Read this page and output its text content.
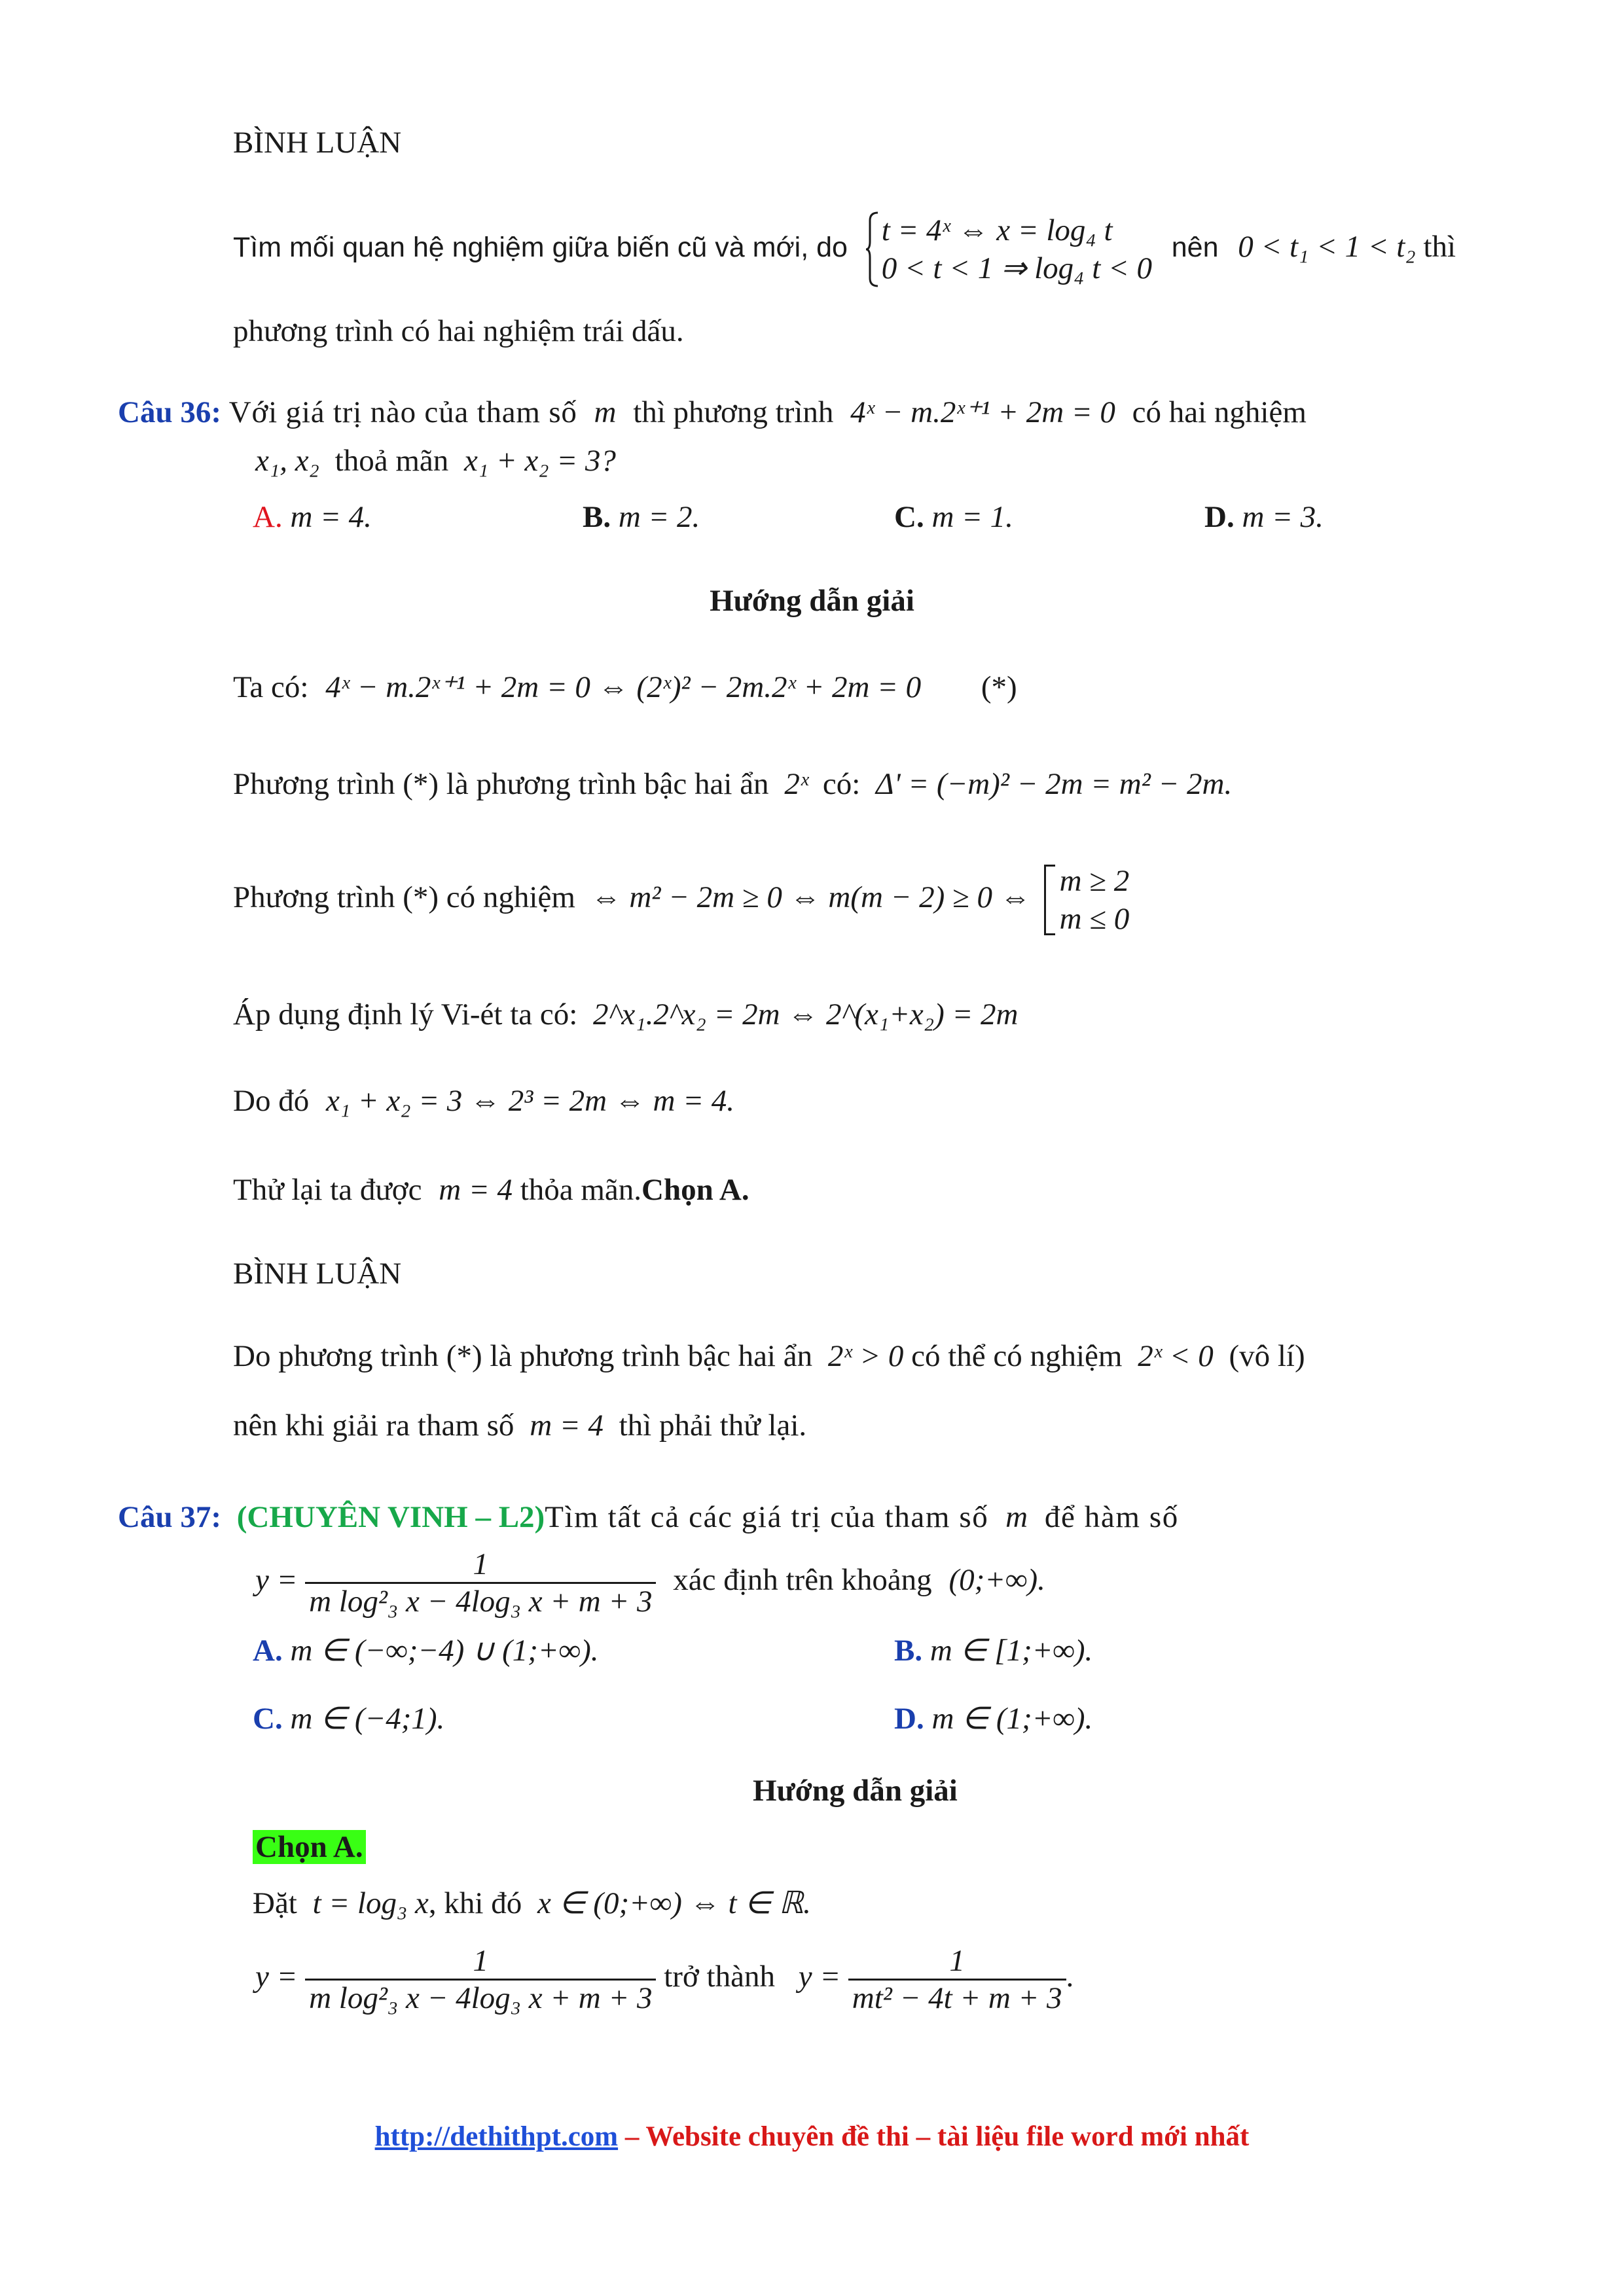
BÌNH LUẬN
Tìm mối quan hệ nghiệm giữa biến cũ và mới, do t = 4ˣ ⇔ x = log₄ t
0 < t < 1 ⇒ log₄ t < 0
nên 0 < t₁ < 1 < t₂ thì
phương trình có hai nghiệm trái dấu.
Câu 36: Với giá trị nào của tham số m thì phương trình 4ˣ − m.2ˣ⁺¹ + 2m = 0 có hai nghiệm
x₁, x₂ thoả mãn x₁ + x₂ = 3?
A. m = 4.	B. m = 2.	C. m = 1.	D. m = 3.
Hướng dẫn giải
Ta có: 4ˣ − m.2ˣ⁺¹ + 2m = 0 ⇔ (2ˣ)² − 2m.2ˣ + 2m = 0 (*)
Phương trình (*) là phương trình bậc hai ẩn 2ˣ có: Δ' = (−m)² − 2m = m² − 2m.
Phương trình (*) có nghiệm ⇔ m² − 2m ≥ 0 ⇔ m(m − 2) ≥ 0 ⇔ m ≥ 2
m ≤ 0
Áp dụng định lý Vi-ét ta có: 2^x₁.2^x₂ = 2m ⇔ 2^(x₁+x₂) = 2m
Do đó x₁ + x₂ = 3 ⇔ 2³ = 2m ⇔ m = 4.
Thử lại ta được m = 4 thỏa mãn.Chọn A.
BÌNH LUẬN
Do phương trình (*) là phương trình bậc hai ẩn 2ˣ > 0 có thể có nghiệm 2ˣ < 0 (vô lí)
nên khi giải ra tham số m = 4 thì phải thử lại.
Câu 37: (CHUYÊN VINH – L2)Tìm tất cả các giá trị của tham số m để hàm số
$y = \frac{1}{\text{m log²₃ x − 4log₃ x + m + 3}}$ xác định trên khoảng (0;+∞).
A. m ∈ (−∞;−4) ∪ (1;+∞).	B. m ∈ [1;+∞).
C. m ∈ (−4;1).	D. m ∈ (1;+∞).
Hướng dẫn giải
Chọn A.
Đặt t = log₃ x, khi đó x ∈ (0;+∞) ⇔ t ∈ ℝ.
$y = \frac{1}{\text{m log²₃ x − 4log₃ x + m + 3}}$ trở thành $y = \frac{1}{\text{mt² − 4t + m + 3}}$ .
http://dethithpt.com – Website chuyên đề thi – tài liệu file word mới nhất
